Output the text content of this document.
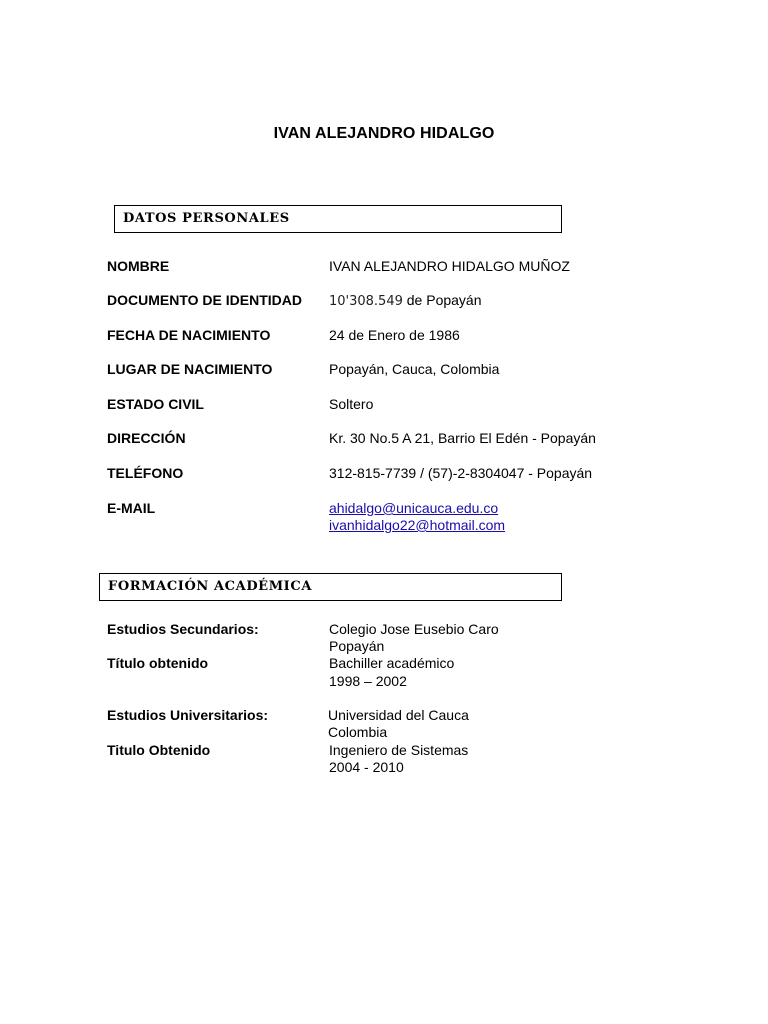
IVAN ALEJANDRO HIDALGO
DATOS PERSONALES
NOMBRE	IVAN ALEJANDRO HIDALGO MUÑOZ
DOCUMENTO DE IDENTIDAD 10'308.549 de Popayán
FECHA DE NACIMIENTO	24 de Enero de 1986
LUGAR DE NACIMIENTO	Popayán, Cauca, Colombia
ESTADO CIVIL	Soltero
DIRECCIÓN	Kr. 30 No.5 A 21, Barrio El Edén - Popayán
TELÉFONO	312-815-7739 / (57)-2-8304047 - Popayán
E-MAIL	ahidalgo@unicauca.edu.co
ivanhidalgo22@hotmail.com
FORMACIÓN ACADÉMICA
Estudios Secundarios:	Colegio Jose Eusebio Caro
Popayán
Título obtenido	Bachiller académico
1998 – 2002
Estudios Universitarios:	Universidad del Cauca
Colombia
Titulo Obtenido	Ingeniero de Sistemas
2004 - 2010
